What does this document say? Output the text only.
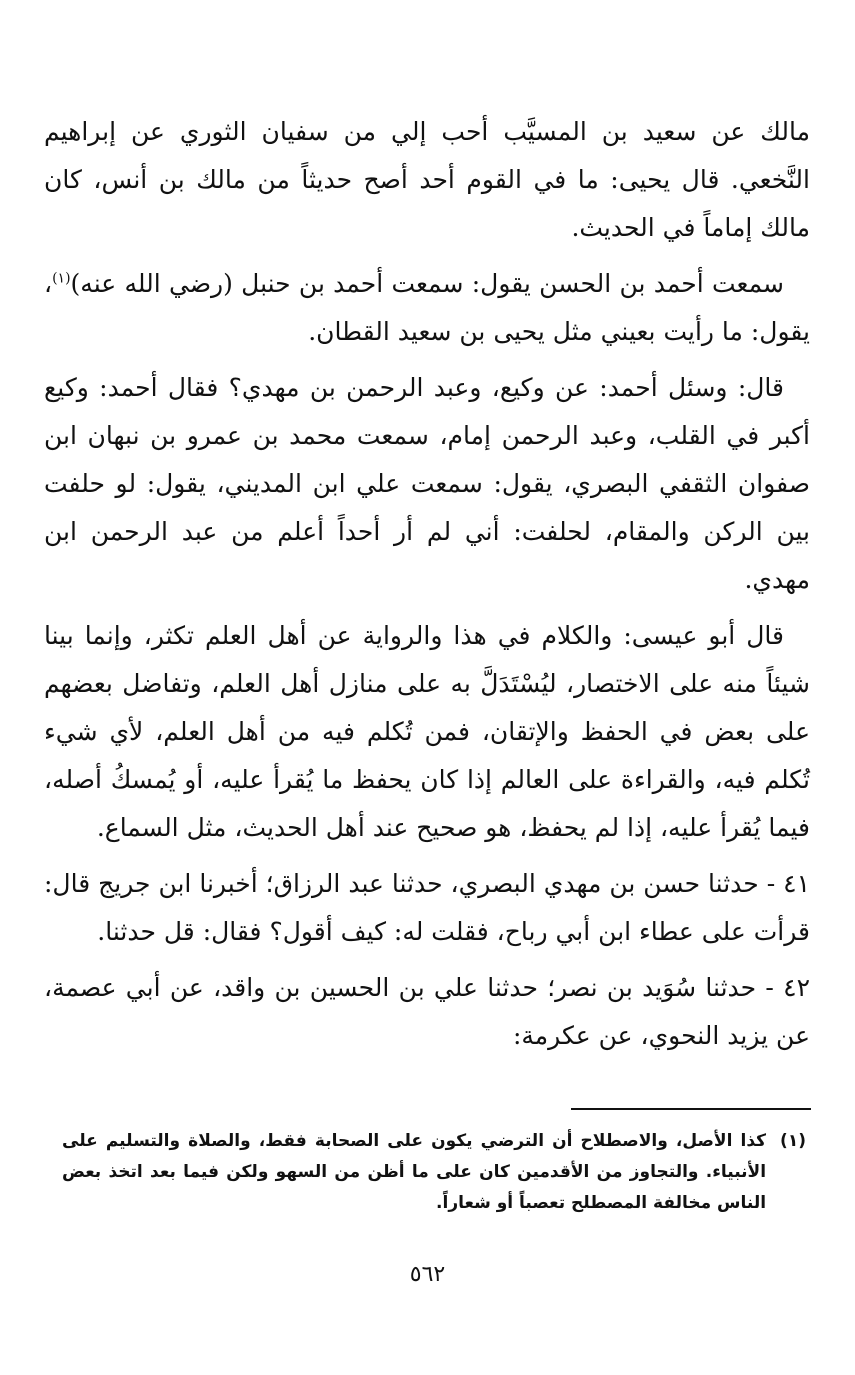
مالك عن سعيد بن المسيَّب أحب إلي من سفيان الثوري عن إبراهيم النَّخعي. قال يحيى: ما في القوم أحد أصح حديثاً من مالك بن أنس، كان مالك إماماً في الحديث.

سمعت أحمد بن الحسن يقول: سمعت أحمد بن حنبل (رضي الله عنه)$^{(١)}$، يقول: ما رأيت بعيني مثل يحيى بن سعيد القطان.

قال: وسئل أحمد: عن وكيع، وعبد الرحمن بن مهدي؟ فقال أحمد: وكيع أكبر في القلب، وعبد الرحمن إمام، سمعت محمد بن عمرو بن نبهان ابن صفوان الثقفي البصري، يقول: سمعت علي ابن المديني، يقول: لو حلفت بين الركن والمقام، لحلفت: أني لم أر أحداً أعلم من عبد الرحمن ابن مهدي.

قال أبو عيسى: والكلام في هذا والرواية عن أهل العلم تكثر، وإنما بينا شيئاً منه على الاختصار، ليُسْتَدَلَّ به على منازل أهل العلم، وتفاضل بعضهم على بعض في الحفظ والإتقان، فمن تُكلم فيه من أهل العلم، لأي شيء تُكلم فيه، والقراءة على العالم إذا كان يحفظ ما يُقرأ عليه، أو يُمسكُ أصله، فيما يُقرأ عليه، إذا لم يحفظ، هو صحيح عند أهل الحديث، مثل السماع.

٤١ - حدثنا حسن بن مهدي البصري، حدثنا عبد الرزاق؛ أخبرنا ابن جريج قال: قرأت على عطاء ابن أبي رباح، فقلت له: كيف أقول؟ فقال: قل حدثنا.

٤٢ - حدثنا سُوَيد بن نصر؛ حدثنا علي بن الحسين بن واقد، عن أبي عصمة، عن يزيد النحوي، عن عكرمة:

(١)
كذا الأصل، والاصطلاح أن الترضي يكون على الصحابة فقط، والصلاة والتسليم على الأنبياء. والتجاوز من الأقدمين كان على ما أظن من السهو ولكن فيما بعد اتخذ بعض الناس مخالفة المصطلح تعصباً أو شعاراً.
٥٦٢
